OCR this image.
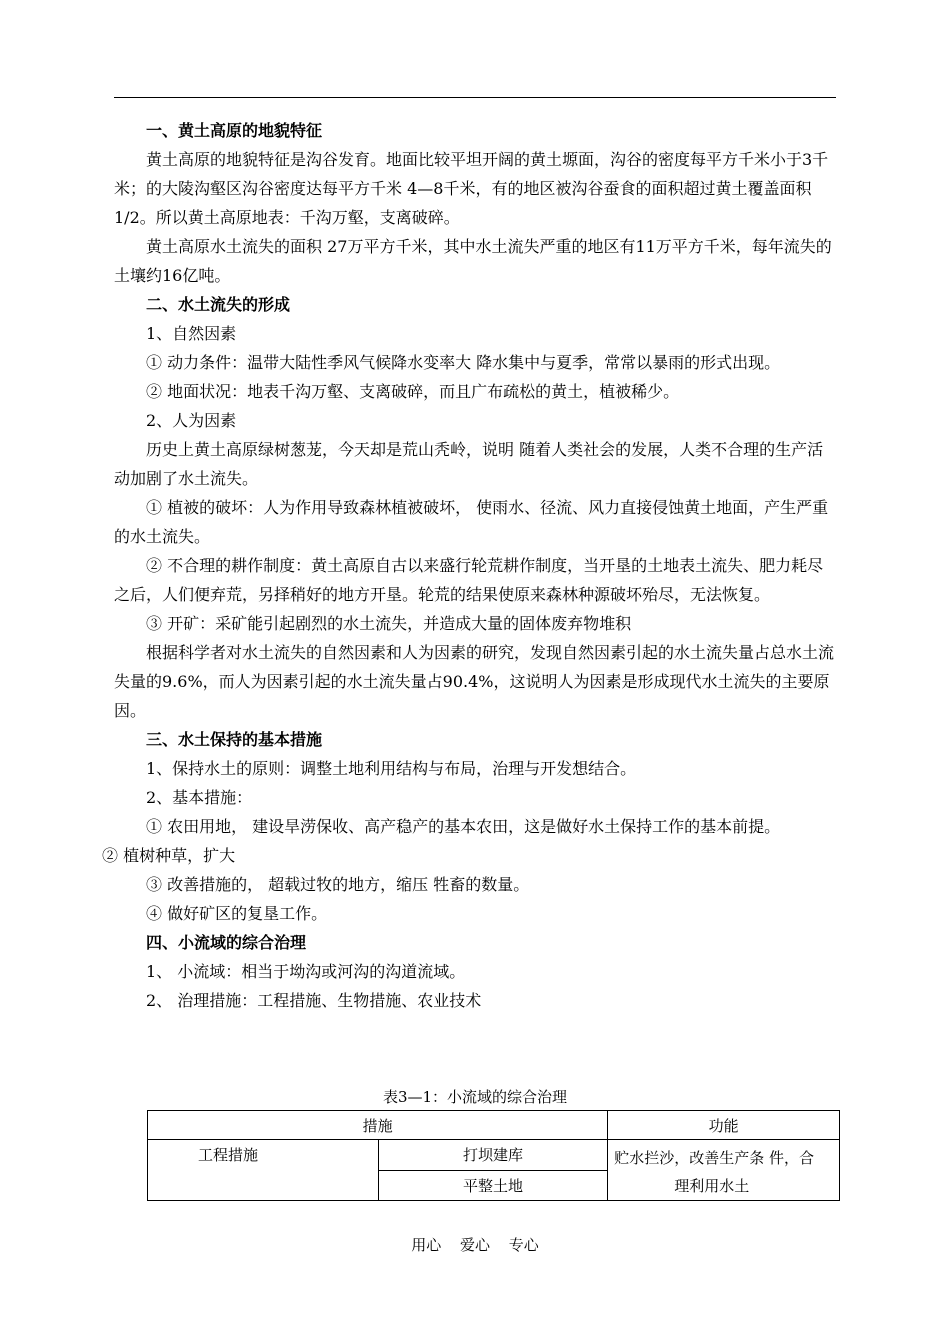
一、黄土高原的地貌特征

黄土高原的地貌特征是沟谷发育。地面比较平坦开阔的黄土塬面，沟谷的密度每平方千米小于3千米；的大陵沟壑区沟谷密度达每平方千米 4—8千米，有的地区被沟谷蚕食的面积超过黄土覆盖面积 1/2。所以黄土高原地表：千沟万壑，支离破碎。

黄土高原水土流失的面积 27万平方千米，其中水土流失严重的地区有11万平方千米，每年流失的土壤约16亿吨。

二、水土流失的形成

1、自然因素

① 动力条件：温带大陆性季风气候降水变率大 降水集中与夏季，常常以暴雨的形式出现。

② 地面状况：地表千沟万壑、支离破碎，而且广布疏松的黄土，植被稀少。

2、人为因素

历史上黄土高原绿树葱茏，今天却是荒山秃岭，说明 随着人类社会的发展，人类不合理的生产活动加剧了水土流失。

① 植被的破坏：人为作用导致森林植被破坏， 使雨水、径流、风力直接侵蚀黄土地面，产生严重的水土流失。

② 不合理的耕作制度：黄土高原自古以来盛行轮荒耕作制度，当开垦的土地表土流失、肥力耗尽之后，人们便弃荒，另择稍好的地方开垦。轮荒的结果使原来森林种源破坏殆尽，无法恢复。

③ 开矿：采矿能引起剧烈的水土流失，并造成大量的固体废弃物堆积

根据科学者对水土流失的自然因素和人为因素的研究，发现自然因素引起的水土流失量占总水土流失量的9.6%，而人为因素引起的水土流失量占90.4%，这说明人为因素是形成现代水土流失的主要原因。

三、水土保持的基本措施

1、保持水土的原则：调整土地利用结构与布局，治理与开发想结合。

2、基本措施：

① 农田用地， 建设旱涝保收、高产稳产的基本农田，这是做好水土保持工作的基本前提。

② 植树种草，扩大

③ 改善措施的， 超载过牧的地方，缩压 牲畜的数量。

④ 做好矿区的复垦工作。

四、小流域的综合治理

1、 小流域：相当于坳沟或河沟的沟道流域。

2、 治理措施：工程措施、生物措施、农业技术

表3—1：小流域的综合治理
措施		功能
工程措施	打坝建库	贮水拦沙，改善生产条 件，合
理利用水土

	平整土地	
用心 爱心 专心
